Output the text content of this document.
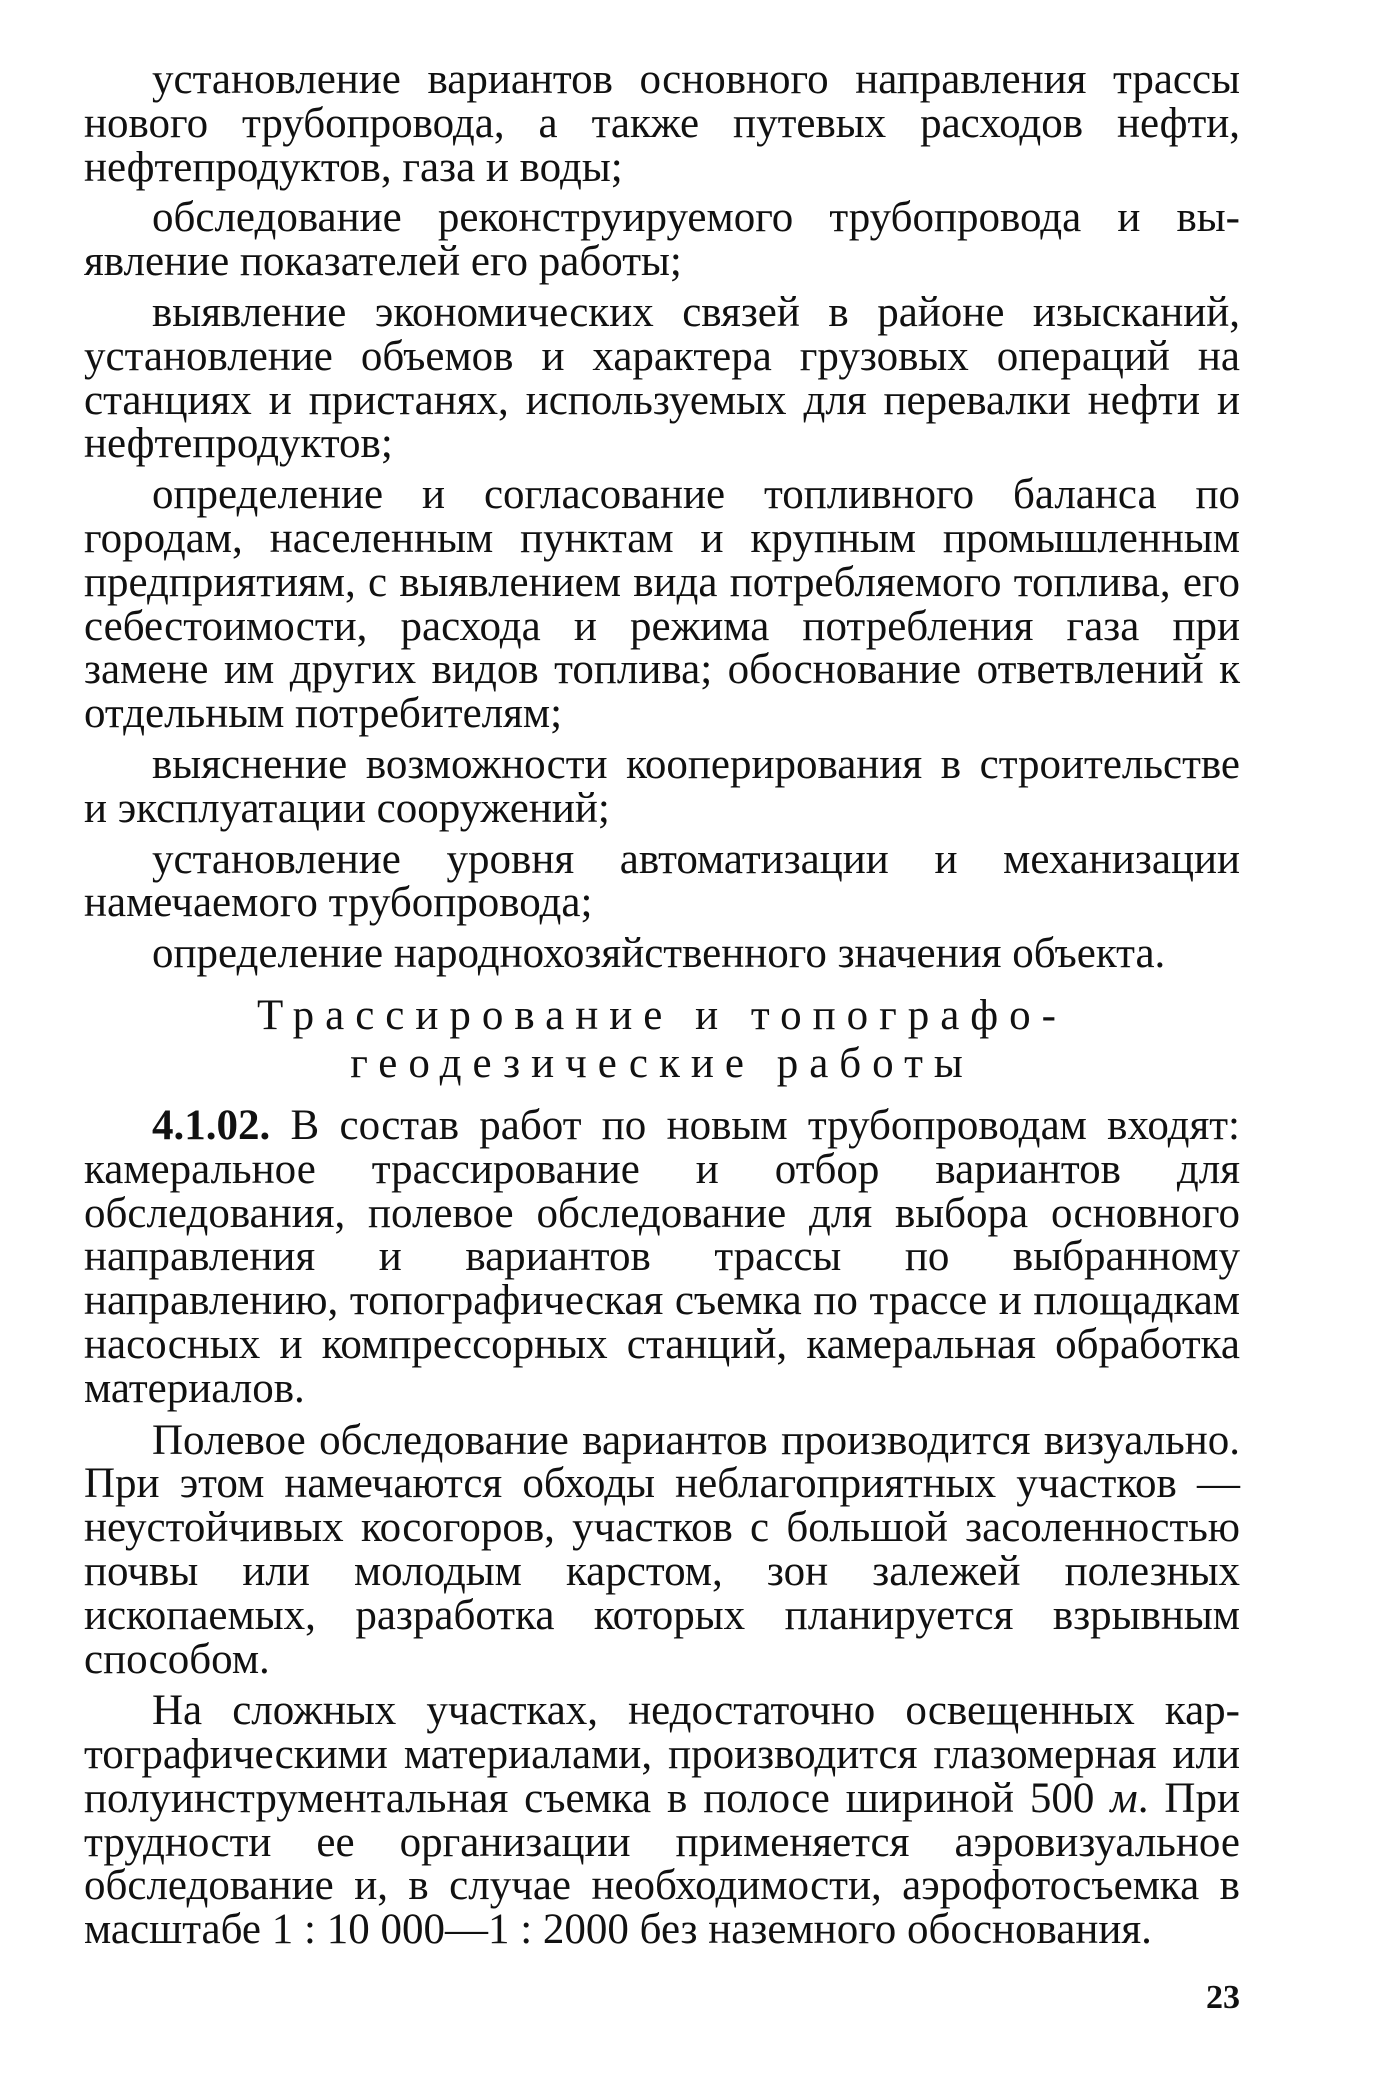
установление вариантов основного направления трассы нового трубопровода, а также путевых расходов нефти, нефтепродуктов, газа и воды;

обследование реконструируемого трубопровода и выявление показателей его работы;

выявление экономических связей в районе изысканий, установление объемов и характера грузовых операций на станциях и пристанях, используемых для перевалки нефти и нефтепродуктов;

определение и согласование топливного баланса по городам, населенным пунктам и крупным промышленным предприятиям, с выявлением вида потребляемого топлива, его себестоимости, расхода и режима потребления газа при замене им других видов топлива; обоснование ответвлений к отдельным потребителям;

выяснение возможности кооперирования в строительстве и эксплуатации сооружений;

установление уровня автоматизации и механизации намечаемого трубопровода;

определение народнохозяйственного значения объекта.

Трассирование и топографо-
геодезические работы

4.1.02. В состав работ по новым трубопроводам входят: камеральное трассирование и отбор вариантов для обследования, полевое обследование для выбора основного направления и вариантов трассы по выбранному направлению, топографическая съемка по трассе и площадкам насосных и компрессорных станций, камеральная обработка материалов.

Полевое обследование вариантов производится визуально. При этом намечаются обходы неблагоприятных участков — неустойчивых косогоров, участков с большой засоленностью почвы или молодым карстом, зон залежей полезных ископаемых, разработка которых планируется взрывным способом.

На сложных участках, недостаточно освещенных картографическими материалами, производится глазомерная или полуинструментальная съемка в полосе шириной 500 м. При трудности ее организации применяется аэровизуальное обследование и, в случае необходимости, аэрофотосъемка в масштабе 1 : 10 000—1 : 2000 без наземного обоснования.

23
